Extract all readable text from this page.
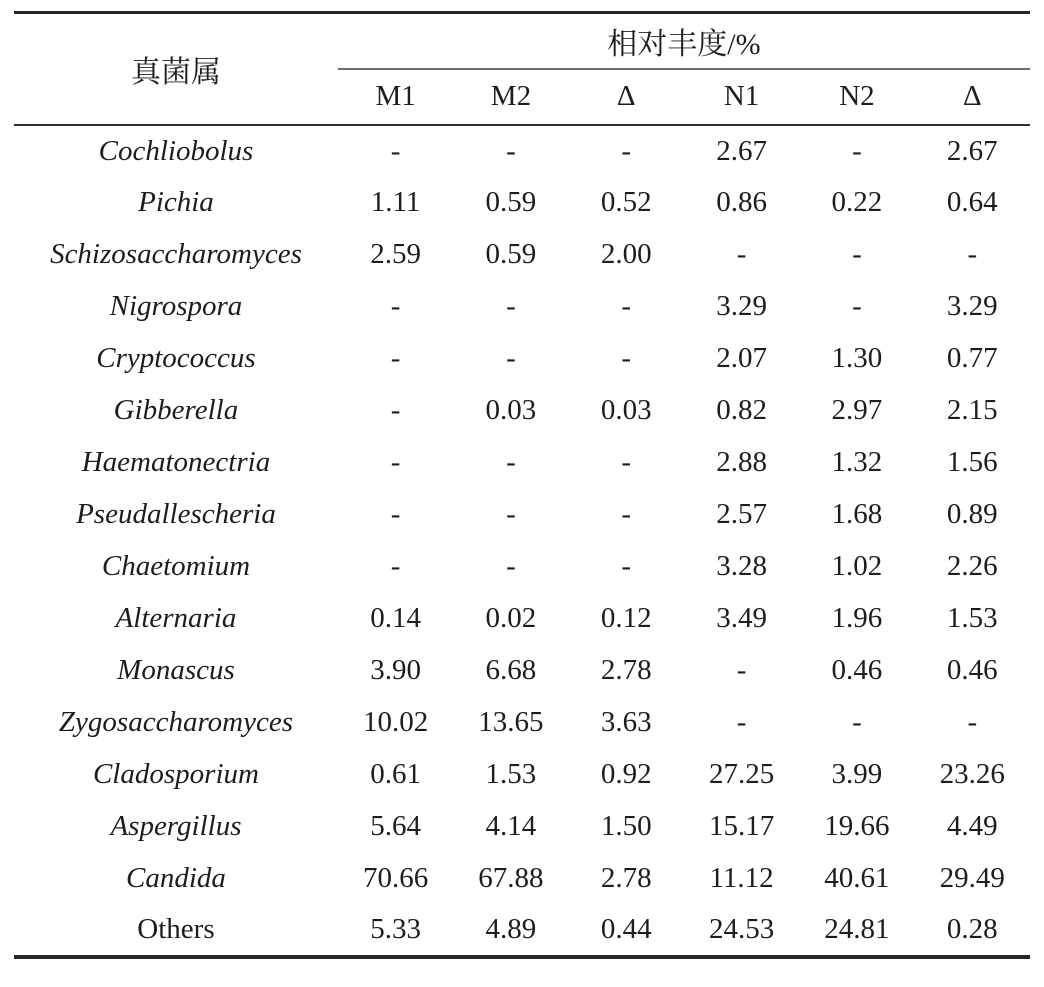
真菌属	相对丰度/%					
	M1	M2	Δ	N1	N2	Δ
Cochliobolus	-	-	-	2.67	-	2.67
Pichia	1.11	0.59	0.52	0.86	0.22	0.64
Schizosaccharomyces	2.59	0.59	2.00	-	-	-
Nigrospora	-	-	-	3.29	-	3.29
Cryptococcus	-	-	-	2.07	1.30	0.77
Gibberella	-	0.03	0.03	0.82	2.97	2.15
Haematonectria	-	-	-	2.88	1.32	1.56
Pseudallescheria	-	-	-	2.57	1.68	0.89
Chaetomium	-	-	-	3.28	1.02	2.26
Alternaria	0.14	0.02	0.12	3.49	1.96	1.53
Monascus	3.90	6.68	2.78	-	0.46	0.46
Zygosaccharomyces	10.02	13.65	3.63	-	-	-
Cladosporium	0.61	1.53	0.92	27.25	3.99	23.26
Aspergillus	5.64	4.14	1.50	15.17	19.66	4.49
Candida	70.66	67.88	2.78	11.12	40.61	29.49
Others	5.33	4.89	0.44	24.53	24.81	0.28
